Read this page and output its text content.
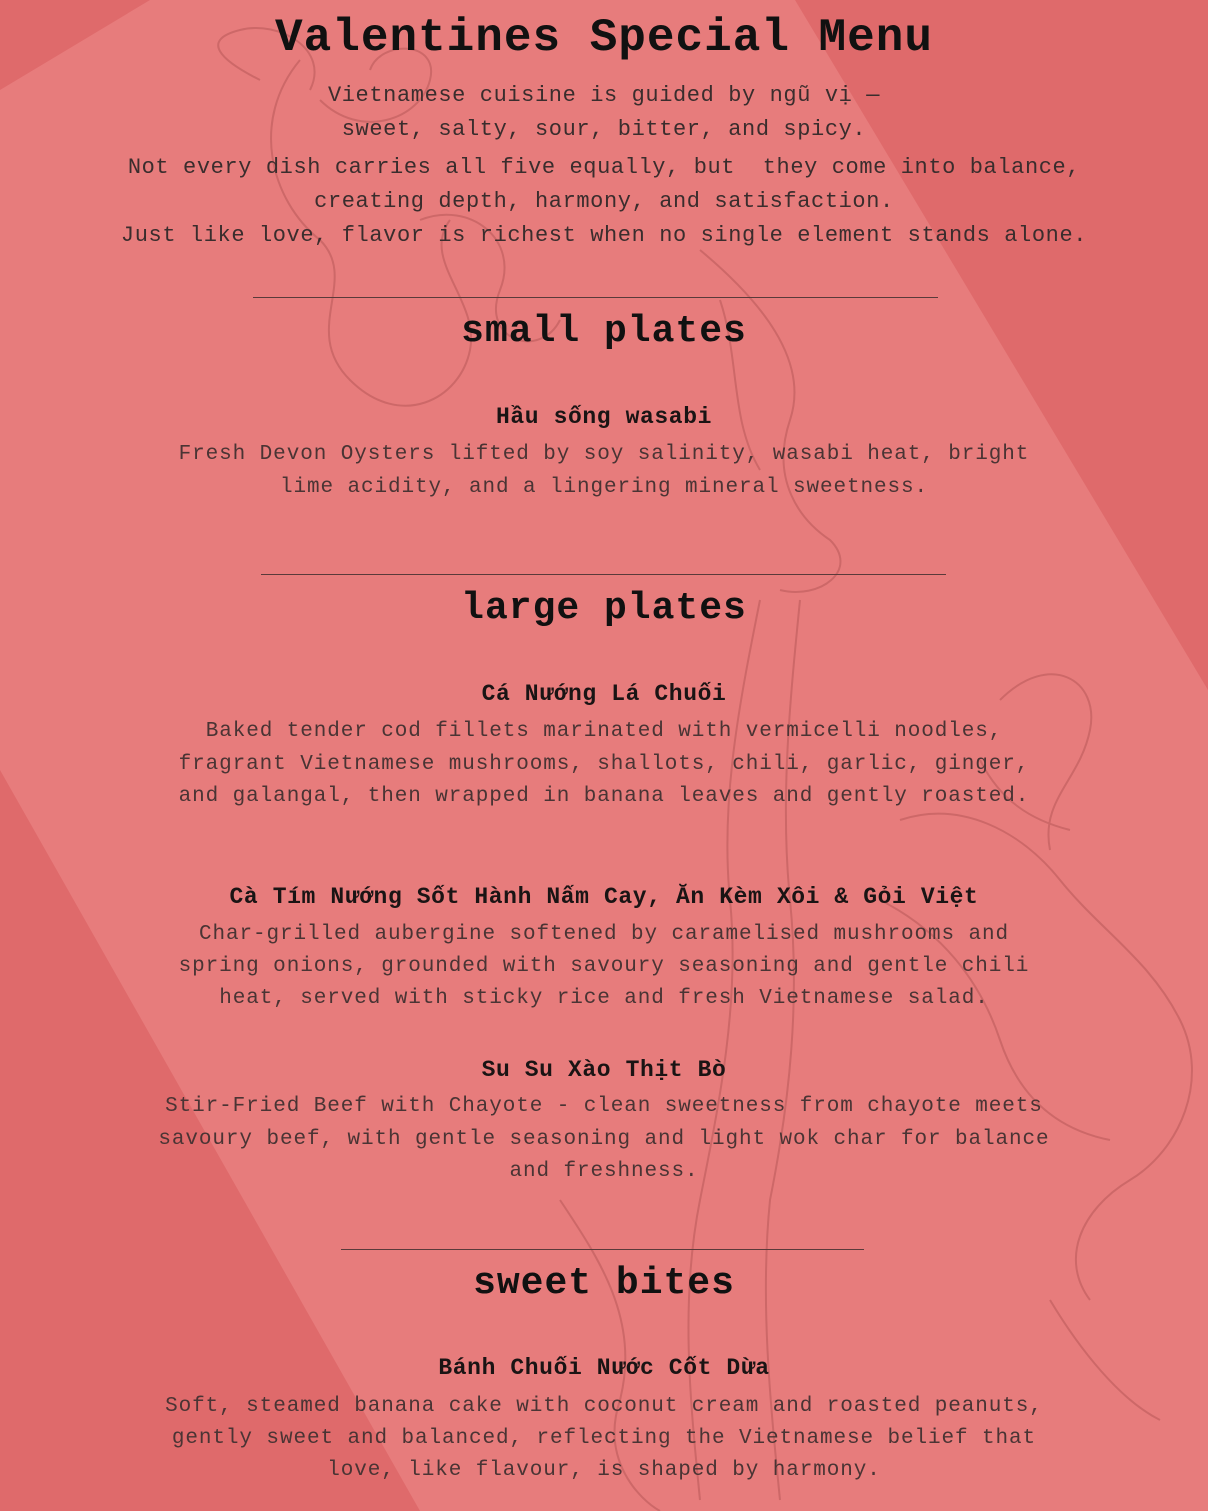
Valentines Special Menu
Vietnamese cuisine is guided by ngũ vị —
sweet, salty, sour, bitter, and spicy.
Not every dish carries all five equally, but  they come into balance,
creating depth, harmony, and satisfaction.
Just like love, flavor is richest when no single element stands alone.
small plates
Hầu sống wasabi
Fresh Devon Oysters lifted by soy salinity, wasabi heat, bright
lime acidity, and a lingering mineral sweetness.
large plates
Cá Nướng Lá Chuối
Baked tender cod fillets marinated with vermicelli noodles,
fragrant Vietnamese mushrooms, shallots, chili, garlic, ginger,
and galangal, then wrapped in banana leaves and gently roasted.
Cà Tím Nướng Sốt Hành Nấm Cay, Ăn Kèm Xôi & Gỏi Việt
Char-grilled aubergine softened by caramelised mushrooms and
spring onions, grounded with savoury seasoning and gentle chili
heat, served with sticky rice and fresh Vietnamese salad.
Su Su Xào Thịt Bò
Stir-Fried Beef with Chayote - clean sweetness from chayote meets
savoury beef, with gentle seasoning and light wok char for balance
and freshness.
sweet bites
Bánh Chuối Nước Cốt Dừa
Soft, steamed banana cake with coconut cream and roasted peanuts,
gently sweet and balanced, reflecting the Vietnamese belief that
love, like flavour, is shaped by harmony.
